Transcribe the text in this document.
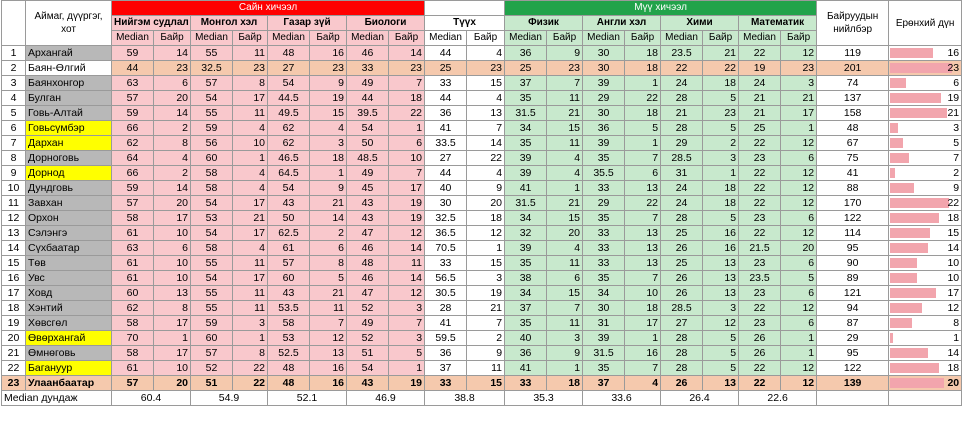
	Аймаг, дүүргэг, хот	Сайн хичээл										Мүү хичээл								Байруудын нийлбэр	Ерөнхий дүн
		Нийгэм судлал		Монгол хэл		Газар зүй		Биологи		Түүх		Физик		Англи хэл		Хими		Математик			
		Median	Байр	Median	Байр	Median	Байр	Median	Байр	Median	Байр	Median	Байр	Median	Байр	Median	Байр	Median	Байр		
1	Архангай	59	14	55	11	48	16	46	14	44	4	36	9	30	18	23.5	21	22	12	119	16

2	Баян-Өлгий	44	23	32.5	23	27	23	33	23	25	23	25	23	30	18	22	22	19	23	201	23

3	Баянхонгор	63	6	57	8	54	9	49	7	33	15	37	7	39	1	24	18	24	3	74	6

4	Булган	57	20	54	17	44.5	19	44	18	44	4	35	11	29	22	28	5	21	21	137	19

5	Говь-Алтай	59	14	55	11	49.5	15	39.5	22	36	13	31.5	21	30	18	21	23	21	17	158	21

6	Говьсүмбэр	66	2	59	4	62	4	54	1	41	7	34	15	36	5	28	5	25	1	48	3

7	Дархан	62	8	56	10	62	3	50	6	33.5	14	35	11	39	1	29	2	22	12	67	5

8	Дорноговь	64	4	60	1	46.5	18	48.5	10	27	22	39	4	35	7	28.5	3	23	6	75	7

9	Дорнод	66	2	58	4	64.5	1	49	7	44	4	39	4	35.5	6	31	1	22	12	41	2

10	Дундговь	59	14	58	4	54	9	45	17	40	9	41	1	33	13	24	18	22	12	88	9

11	Завхан	57	20	54	17	43	21	43	19	30	20	31.5	21	29	22	24	18	22	12	170	22

12	Орхон	58	17	53	21	50	14	43	19	32.5	18	34	15	35	7	28	5	23	6	122	18

13	Сэлэнгэ	61	10	54	17	62.5	2	47	12	36.5	12	32	20	33	13	25	16	22	12	114	15

14	Сүхбаатар	63	6	58	4	61	6	46	14	70.5	1	39	4	33	13	26	16	21.5	20	95	14

15	Төв	61	10	55	11	57	8	48	11	33	15	35	11	33	13	25	13	23	6	90	10

16	Увс	61	10	54	17	60	5	46	14	56.5	3	38	6	35	7	26	13	23.5	5	89	10

17	Ховд	60	13	55	11	43	21	47	12	30.5	19	34	15	34	10	26	13	23	6	121	17

18	Хэнтий	62	8	55	11	53.5	11	52	3	28	21	37	7	30	18	28.5	3	22	12	94	12

19	Хөвсгөл	58	17	59	3	58	7	49	7	41	7	35	11	31	17	27	12	23	6	87	8

20	Өвөрхангай	70	1	60	1	53	12	52	3	59.5	2	40	3	39	1	28	5	26	1	29	1

21	Өмнөговь	58	17	57	8	52.5	13	51	5	36	9	36	9	31.5	16	28	5	26	1	95	14

22	Багануур	61	10	52	22	48	16	54	1	37	11	41	1	35	7	28	5	22	12	122	18

23	Улаанбаатар	57	20	51	22	48	16	43	19	33	15	33	18	37	4	26	13	22	12	139	20

Median дундаж		60.4		54.9		52.1		46.9		38.8		35.3		33.6		26.4		22.6			
